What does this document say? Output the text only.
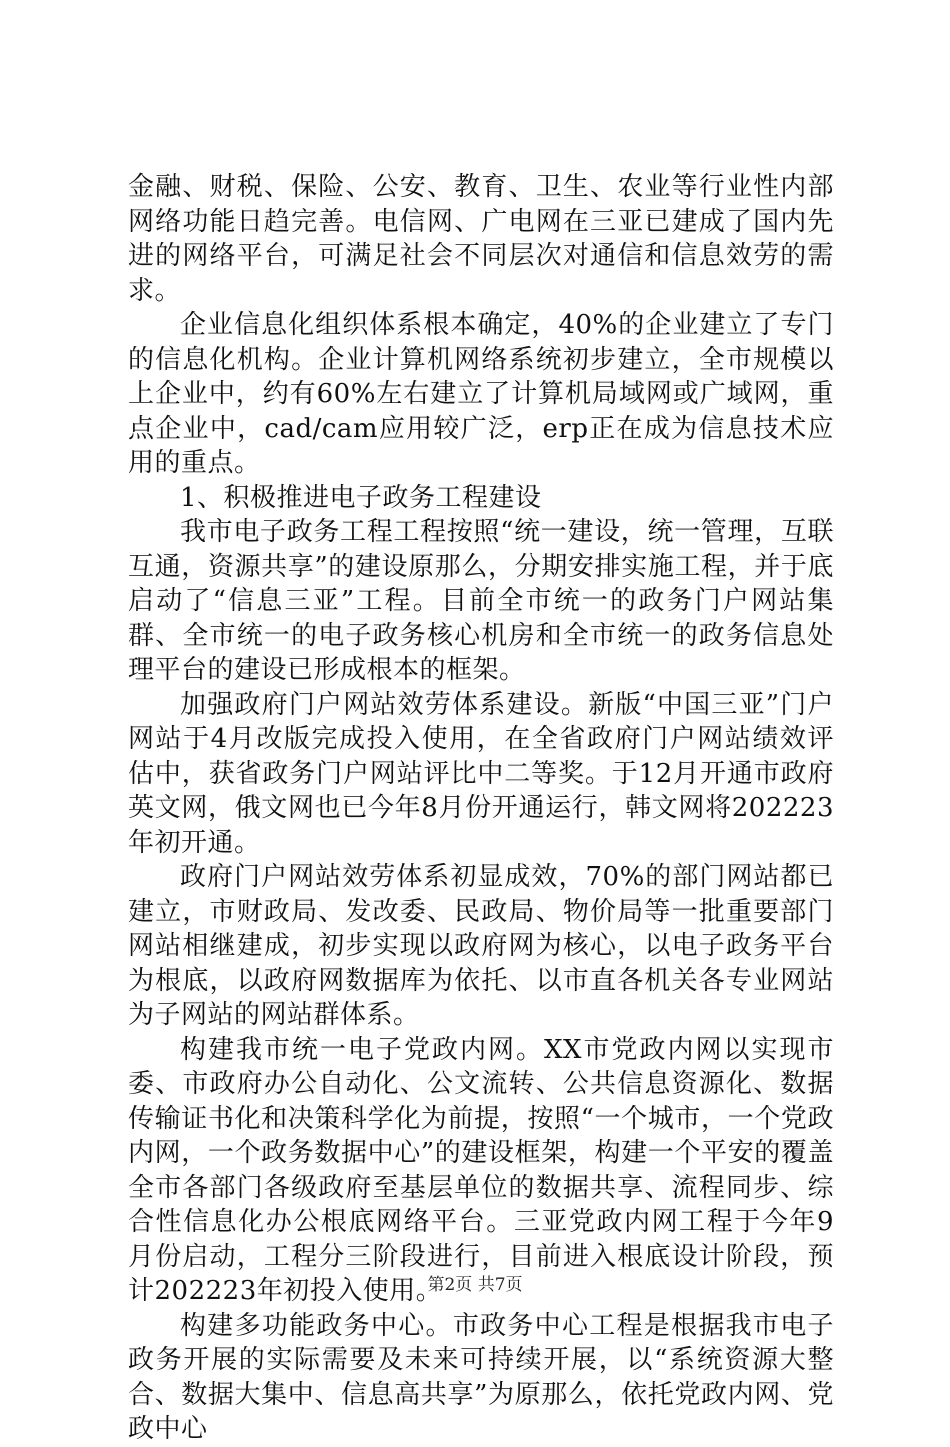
金融、财税、保险、公安、教育、卫生、农业等行业性内部网络功能日趋完善。电信网、广电网在三亚已建成了国内先进的网络平台，可满足社会不同层次对通信和信息效劳的需求。

企业信息化组织体系根本确定，40%的企业建立了专门的信息化机构。企业计算机网络系统初步建立，全市规模以上企业中，约有60%左右建立了计算机局域网或广域网，重点企业中，cad/cam应用较广泛，erp正在成为信息技术应用的重点。

1、积极推进电子政务工程建设

我市电子政务工程工程按照“统一建设，统一管理，互联互通，资源共享”的建设原那么，分期安排实施工程，并于底启动了“信息三亚”工程。目前全市统一的政务门户网站集群、全市统一的电子政务核心机房和全市统一的政务信息处理平台的建设已形成根本的框架。

加强政府门户网站效劳体系建设。新版“中国三亚”门户网站于4月改版完成投入使用，在全省政府门户网站绩效评估中，获省政务门户网站评比中二等奖。于12月开通市政府英文网，俄文网也已今年8月份开通运行，韩文网将202223年初开通。

政府门户网站效劳体系初显成效，70%的部门网站都已建立，市财政局、发改委、民政局、物价局等一批重要部门网站相继建成，初步实现以政府网为核心，以电子政务平台为根底，以政府网数据库为依托、以市直各机关各专业网站为子网站的网站群体系。

构建我市统一电子党政内网。XX市党政内网以实现市委、市政府办公自动化、公文流转、公共信息资源化、数据传输证书化和决策科学化为前提，按照“一个城市，一个党政内网，一个政务数据中心”的建设框架，构建一个平安的覆盖全市各部门各级政府至基层单位的数据共享、流程同步、综合性信息化办公根底网络平台。三亚党政内网工程于今年9月份启动，工程分三阶段进行，目前进入根底设计阶段，预计202223年初投入使用。

构建多功能政务中心。市政务中心工程是根据我市电子政务开展的实际需要及未来可持续开展，以“系统资源大整合、数据大集中、信息高共享”为原那么，依托党政内网、党政中心

第2页 共7页
